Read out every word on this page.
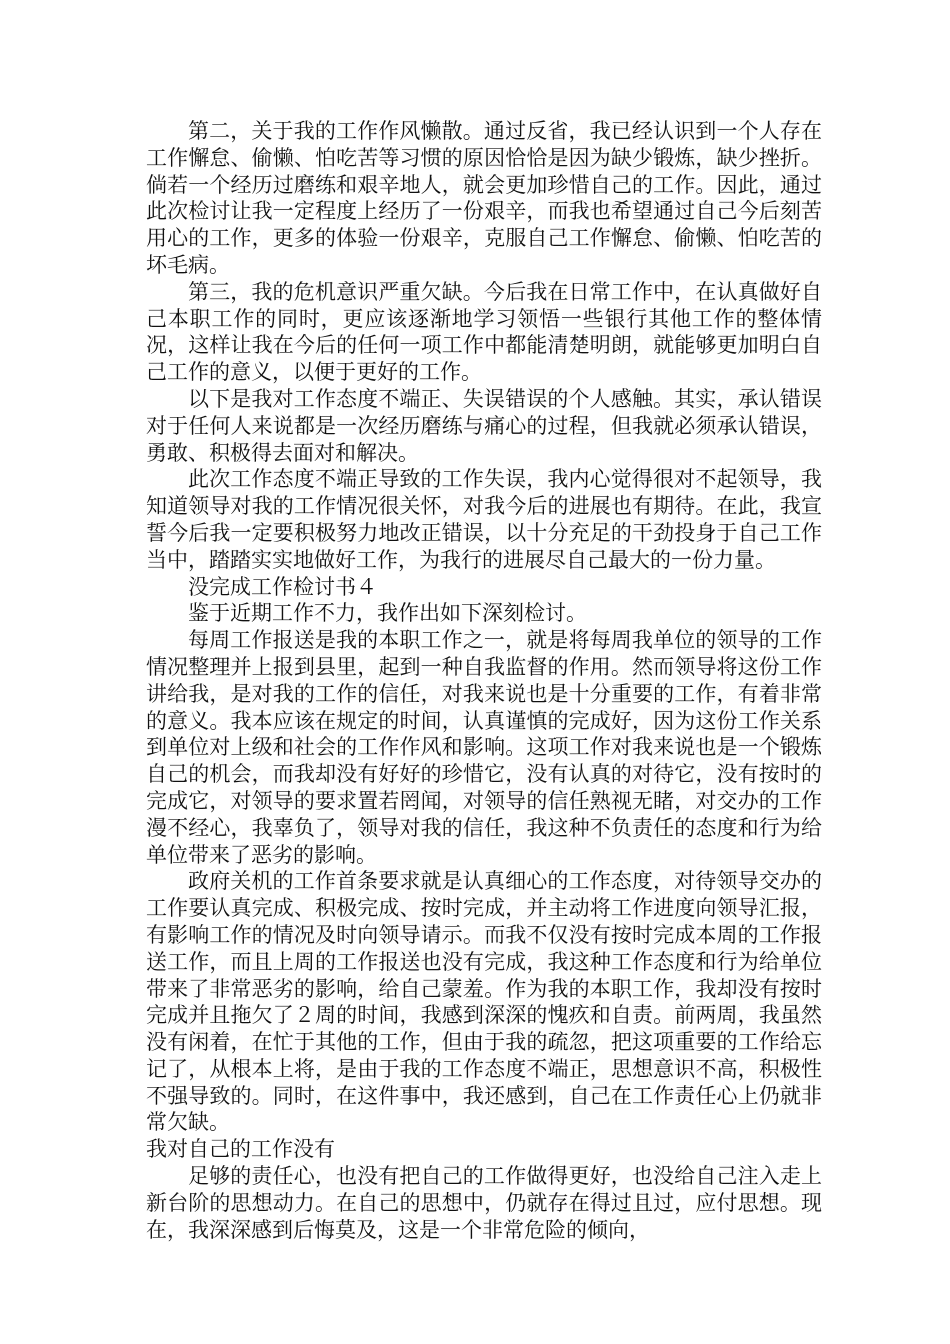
第二，关于我的工作作风懒散。通过反省，我已经认识到一个人存在工作懈怠、偷懒、怕吃苦等习惯的原因恰恰是因为缺少锻炼，缺少挫折。倘若一个经历过磨练和艰辛地人，就会更加珍惜自己的工作。因此，通过此次检讨让我一定程度上经历了一份艰辛，而我也希望通过自己今后刻苦用心的工作，更多的体验一份艰辛，克服自己工作懈怠、偷懒、怕吃苦的坏毛病。

第三，我的危机意识严重欠缺。今后我在日常工作中，在认真做好自己本职工作的同时，更应该逐渐地学习领悟一些银行其他工作的整体情况，这样让我在今后的任何一项工作中都能清楚明朗，就能够更加明白自己工作的意义，以便于更好的工作。

以下是我对工作态度不端正、失误错误的个人感触。其实，承认错误对于任何人来说都是一次经历磨练与痛心的过程，但我就必须承认错误，勇敢、积极得去面对和解决。

此次工作态度不端正导致的工作失误，我内心觉得很对不起领导，我知道领导对我的工作情况很关怀，对我今后的进展也有期待。在此，我宣誓今后我一定要积极努力地改正错误，以十分充足的干劲投身于自己工作当中，踏踏实实地做好工作，为我行的进展尽自己最大的一份力量。

没完成工作检讨书４

鉴于近期工作不力，我作出如下深刻检讨。

每周工作报送是我的本职工作之一，就是将每周我单位的领导的工作情况整理并上报到县里，起到一种自我监督的作用。然而领导将这份工作讲给我，是对我的工作的信任，对我来说也是十分重要的工作，有着非常的意义。我本应该在规定的时间，认真谨慎的完成好，因为这份工作关系到单位对上级和社会的工作作风和影响。这项工作对我来说也是一个锻炼自己的机会，而我却没有好好的珍惜它，没有认真的对待它，没有按时的完成它，对领导的要求置若罔闻，对领导的信任熟视无睹，对交办的工作漫不经心，我辜负了，领导对我的信任，我这种不负责任的态度和行为给单位带来了恶劣的影响。

政府关机的工作首条要求就是认真细心的工作态度，对待领导交办的工作要认真完成、积极完成、按时完成，并主动将工作进度向领导汇报，有影响工作的情况及时向领导请示。而我不仅没有按时完成本周的工作报送工作，而且上周的工作报送也没有完成，我这种工作态度和行为给单位带来了非常恶劣的影响，给自己蒙羞。作为我的本职工作，我却没有按时完成并且拖欠了２周的时间，我感到深深的愧疚和自责。前两周，我虽然没有闲着，在忙于其他的工作，但由于我的疏忽，把这项重要的工作给忘记了，从根本上将，是由于我的工作态度不端正，思想意识不高，积极性不强导致的。同时，在这件事中，我还感到，自己在工作责任心上仍就非常欠缺。

我对自己的工作没有

足够的责任心，也没有把自己的工作做得更好，也没给自己注入走上新台阶的思想动力。在自己的思想中，仍就存在得过且过，应付思想。现在，我深深感到后悔莫及，这是一个非常危险的倾向，
